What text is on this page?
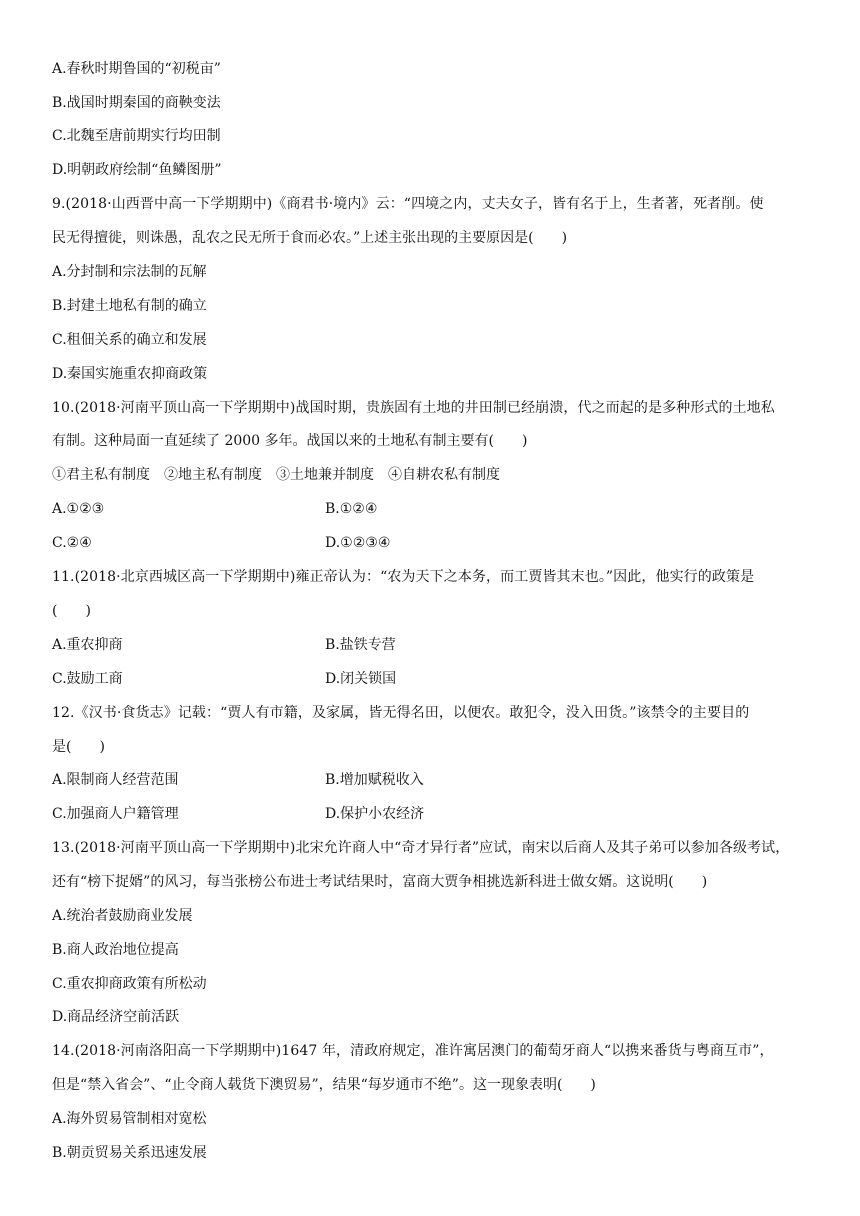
A.春秋时期鲁国的“初税亩”
B.战国时期秦国的商鞅变法
C.北魏至唐前期实行均田制
D.明朝政府绘制“鱼鳞图册”
9.(2018·山西晋中高一下学期期中)《商君书·境内》云：“四境之内，丈夫女子，皆有名于上，生者著，死者削。使
民无得擅徙，则诛愚，乱农之民无所于食而必农。”上述主张出现的主要原因是(　　)
A.分封制和宗法制的瓦解
B.封建土地私有制的确立
C.租佃关系的确立和发展
D.秦国实施重农抑商政策
10.(2018·河南平顶山高一下学期期中)战国时期，贵族固有土地的井田制已经崩溃，代之而起的是多种形式的土地私
有制。这种局面一直延续了 2000 多年。战国以来的土地私有制主要有(　　)
①君主私有制度　②地主私有制度　③土地兼并制度　④自耕农私有制度
A.①②③	B.①②④
C.②④	D.①②③④
11.(2018·北京西城区高一下学期期中)雍正帝认为：“农为天下之本务，而工贾皆其末也。”因此，他实行的政策是
(　　)
A.重农抑商	B.盐铁专营
C.鼓励工商	D.闭关锁国
12.《汉书·食货志》记载：“贾人有市籍，及家属，皆无得名田，以便农。敢犯令，没入田货。”该禁令的主要目的
是(　　)
A.限制商人经营范围	B.增加赋税收入
C.加强商人户籍管理	D.保护小农经济
13.(2018·河南平顶山高一下学期期中)北宋允许商人中“奇才异行者”应试，南宋以后商人及其子弟可以参加各级考试，
还有“榜下捉婿”的风习，每当张榜公布进士考试结果时，富商大贾争相挑选新科进士做女婿。这说明(　　)
A.统治者鼓励商业发展
B.商人政治地位提高
C.重农抑商政策有所松动
D.商品经济空前活跃
14.(2018·河南洛阳高一下学期期中)1647 年，清政府规定，准许寓居澳门的葡萄牙商人“以携来番货与粤商互市”，
但是“禁入省会”、“止令商人载货下澳贸易”，结果“每岁通市不绝”。这一现象表明(　　)
A.海外贸易管制相对宽松
B.朝贡贸易关系迅速发展
